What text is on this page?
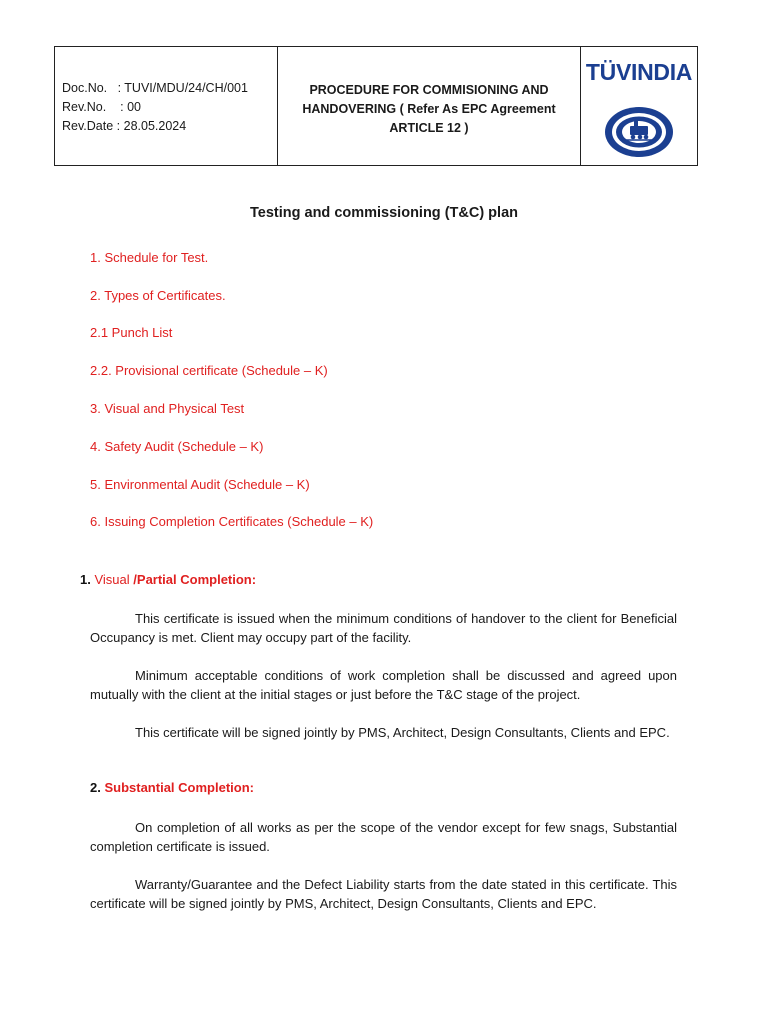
Doc.No. : TUVI/MDU/24/CH/001
Rev.No. : 00
Rev.Date : 28.05.2024
PROCEDURE FOR COMMISIONING AND
HANDOVERING ( Refer As EPC Agreement
ARTICLE 12 )
TÜVINDIA
Testing and commissioning (T&C) plan
1. Schedule for Test.
2. Types of Certificates.
2.1 Punch List
2.2. Provisional certificate (Schedule – K)
3. Visual and Physical Test
4. Safety Audit (Schedule – K)
5. Environmental Audit (Schedule – K)
6. Issuing Completion Certificates (Schedule – K)
1. Visual /Partial Completion:
This certificate is issued when the minimum conditions of handover to the client for Beneficial Occupancy is met. Client may occupy part of the facility.
Minimum acceptable conditions of work completion shall be discussed and agreed upon mutually with the client at the initial stages or just before the T&C stage of the project.
This certificate will be signed jointly by PMS, Architect, Design Consultants, Clients and EPC.
2. Substantial Completion:
On completion of all works as per the scope of the vendor except for few snags, Substantial completion certificate is issued.
Warranty/Guarantee and the Defect Liability starts from the date stated in this certificate. This certificate will be signed jointly by PMS, Architect, Design Consultants, Clients and EPC.
